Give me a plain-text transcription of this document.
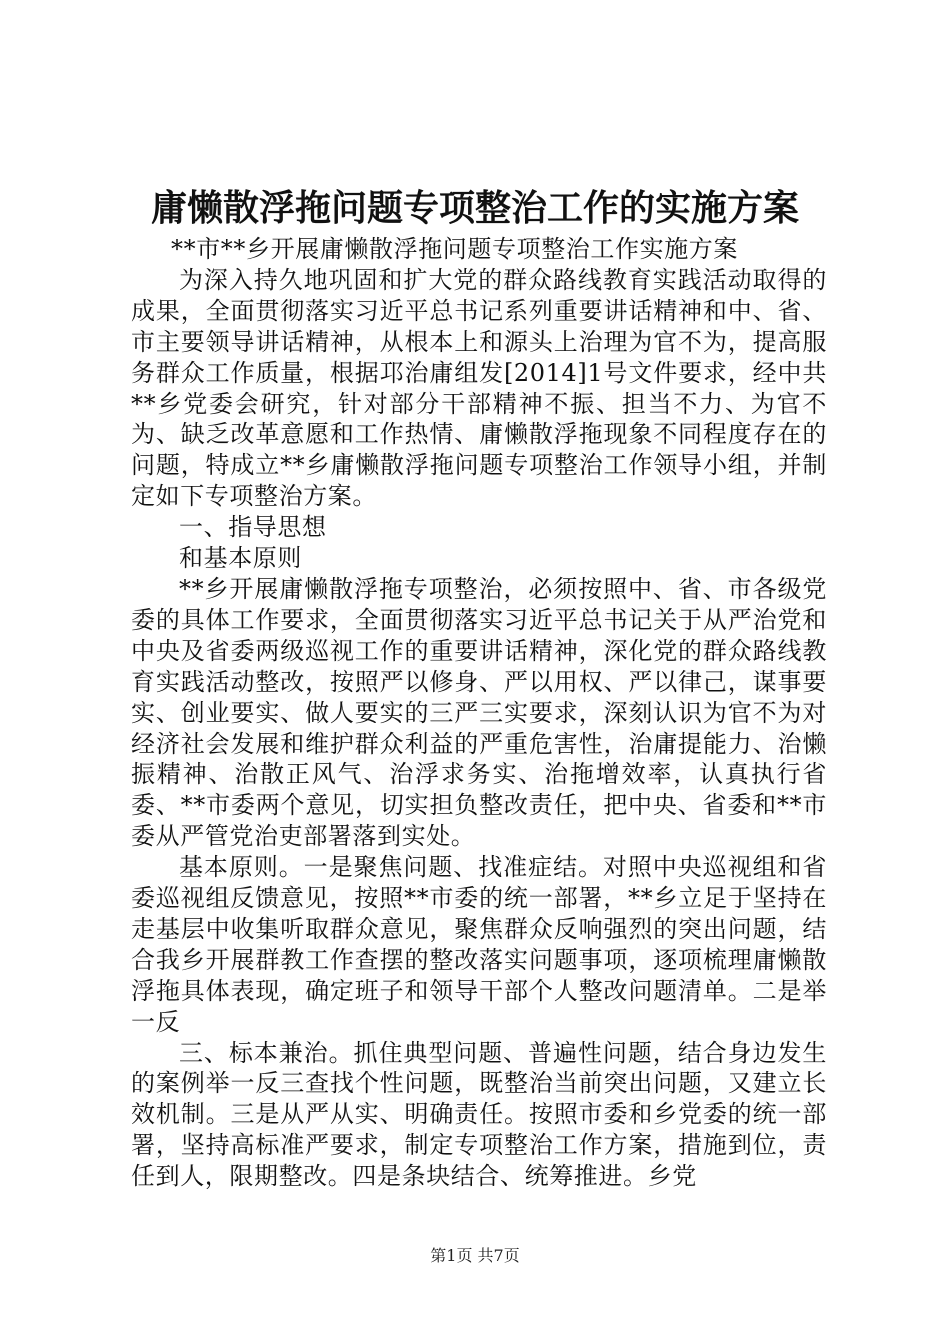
庸懒散浮拖问题专项整治工作的实施方案

**市**乡开展庸懒散浮拖问题专项整治工作实施方案

为深入持久地巩固和扩大党的群众路线教育实践活动取得的成果，全面贯彻落实习近平总书记系列重要讲话精神和中、省、市主要领导讲话精神，从根本上和源头上治理为官不为，提高服务群众工作质量，根据邛治庸组发[2014]1号文件要求，经中共**乡党委会研究，针对部分干部精神不振、担当不力、为官不为、缺乏改革意愿和工作热情、庸懒散浮拖现象不同程度存在的问题，特成立**乡庸懒散浮拖问题专项整治工作领导小组，并制定如下专项整治方案。

一、指导思想

和基本原则

**乡开展庸懒散浮拖专项整治，必须按照中、省、市各级党委的具体工作要求，全面贯彻落实习近平总书记关于从严治党和中央及省委两级巡视工作的重要讲话精神，深化党的群众路线教育实践活动整改，按照严以修身、严以用权、严以律己，谋事要实、创业要实、做人要实的三严三实要求，深刻认识为官不为对经济社会发展和维护群众利益的严重危害性，治庸提能力、治懒振精神、治散正风气、治浮求务实、治拖增效率，认真执行省委、**市委两个意见，切实担负整改责任，把中央、省委和**市委从严管党治吏部署落到实处。

基本原则。一是聚焦问题、找准症结。对照中央巡视组和省委巡视组反馈意见，按照**市委的统一部署，**乡立足于坚持在走基层中收集听取群众意见，聚焦群众反响强烈的突出问题，结合我乡开展群教工作查摆的整改落实问题事项，逐项梳理庸懒散浮拖具体表现，确定班子和领导干部个人整改问题清单。二是举一反

三、标本兼治。抓住典型问题、普遍性问题，结合身边发生的案例举一反三查找个性问题，既整治当前突出问题，又建立长效机制。三是从严从实、明确责任。按照市委和乡党委的统一部署，坚持高标准严要求，制定专项整治工作方案，措施到位，责任到人，限期整改。四是条块结合、统筹推进。乡党

第1页 共7页
